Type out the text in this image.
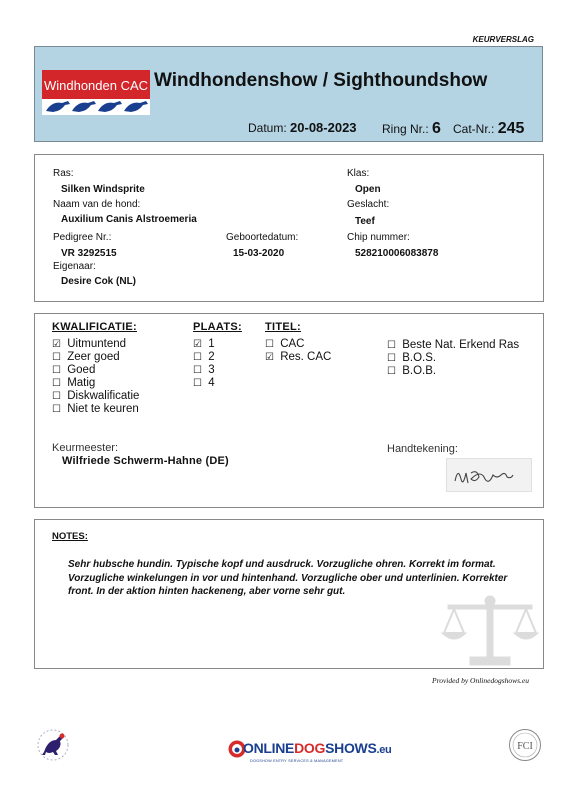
KEURVERSLAG
Windhonden CAC Windhondenshow / Sighthoundshow
Datum: 20-08-2023 Ring Nr.: 6 Cat-Nr.: 245
Ras:
Silken Windsprite
Naam van de hond:
Auxilium Canis Alstroemeria
Pedigree Nr.:
VR 3292515
Geboortedatum:
15-03-2020
Eigenaar:
Desire Cok (NL)
Klas:
Open
Geslacht:
Teef
Chip nummer:
528210006083878
KWALIFICATIE:
☑ Uitmuntend
☐ Zeer goed
☐ Goed
☐ Matig
☐ Diskwalificatie
☐ Niet te keuren
PLAATS:
☑ 1
☐ 2
☐ 3
☐ 4
TITEL:
☐ CAC
☑ Res. CAC
☐ Beste Nat. Erkend Ras
☐ B.O.S.
☐ B.O.B.
Keurmeester:
Wilfriede Schwerm-Hahne (DE)
Handtekening:
NOTES:
Sehr hubsche hundin. Typische kopf und ausdruck. Vorzugliche ohren. Korrekt im format. Vorzugliche winkelungen in vor und hintenhand. Vorzugliche ober und unterlinien. Korrekter front. In der aktion hinten hackeneng, aber vorne sehr gut.
Provided by Onlinedogshows.eu
ONLINEDOGSHOWS.eu
DOGSHOW ENTRY SERVICES & MANAGEMENT
FCI
